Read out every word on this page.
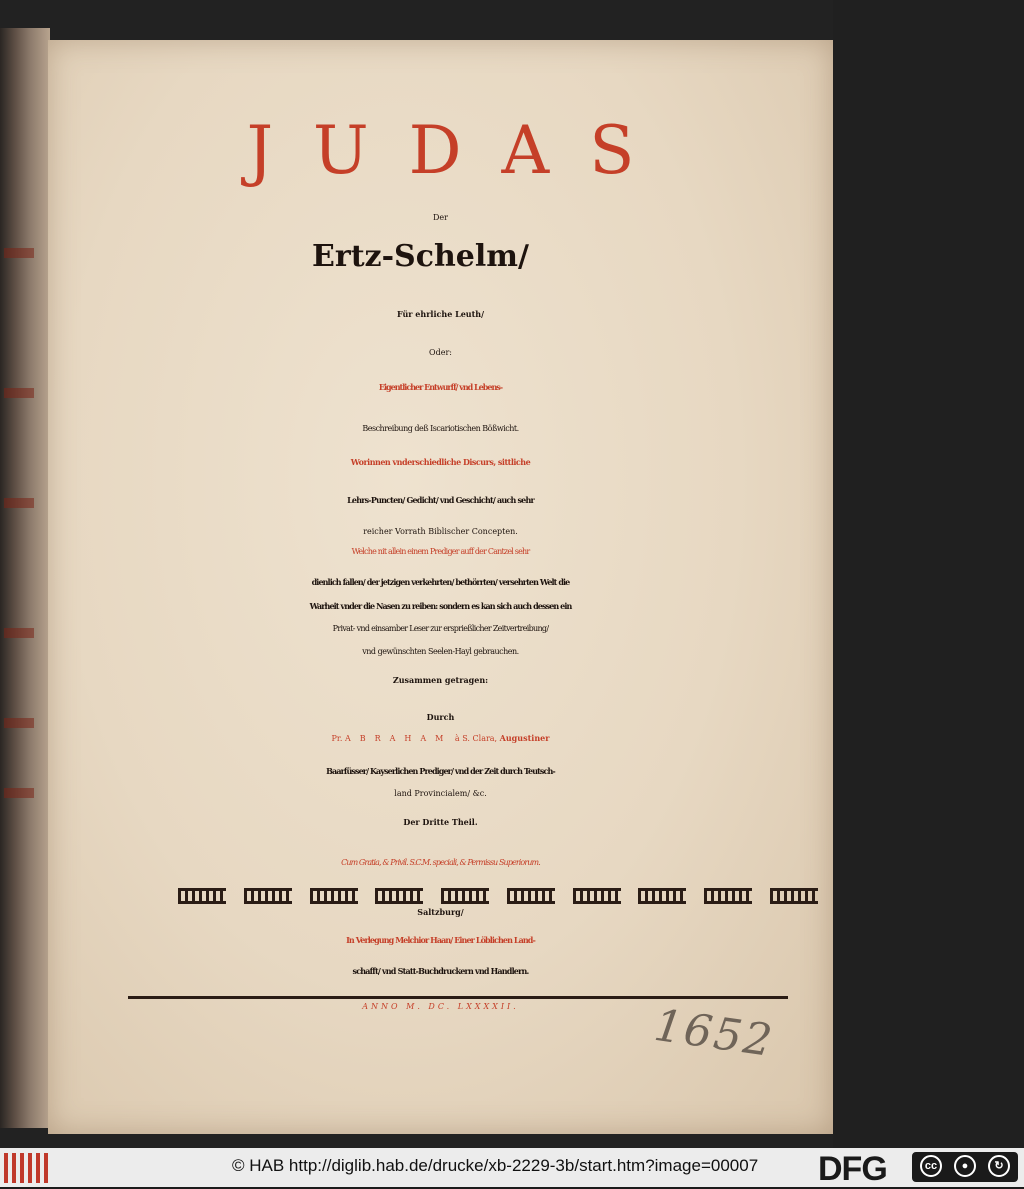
JUDAS
Der
Ertz-Schelm/
Für ehrliche Leuth/
Oder:
Eigentlicher Entwurff/ vnd Lebens-
Beschreibung deß Iscariotischen Bößwicht.
Worinnen vnderschiedliche Discurs, sittliche
Lehrs-Puncten/ Gedicht/ vnd Geschicht/ auch sehr
reicher Vorrath Biblischer Concepten.
Welche nit allein einem Prediger auff der Cantzel sehr
dienlich fallen/ der jetzigen verkehrten/ bethörrten/ versehrten Welt die
Warheit vnder die Nasen zu reiben: sondern es kan sich auch dessen ein
Privat- vnd einsamber Leser zur ersprießlicher Zeitvertreibung/
vnd gewünschten Seelen-Hayl gebrauchen.
Zusammen getragen:
Durch
Pr. ABRAHAM à S. Clara, Augustiner
Baarfüsser/ Kayserlichen Prediger/ vnd der Zeit durch Teutsch-
land Provincialem/ &c.
Der Dritte Theil.
Cum Gratia, & Privil. S.C.M. speciali, & Permissu Superiorum.
Saltzburg/
In Verlegung Melchior Haan/ Einer Löblichen Land-
schafft/ vnd Statt-Buchdruckern vnd Handlern.
ANNO M. DC. LXXXXII.	1652
© HAB http://diglib.hab.de/drucke/xb-2229-3b/start.htm?image=00007 DFG	cc	●	↻
